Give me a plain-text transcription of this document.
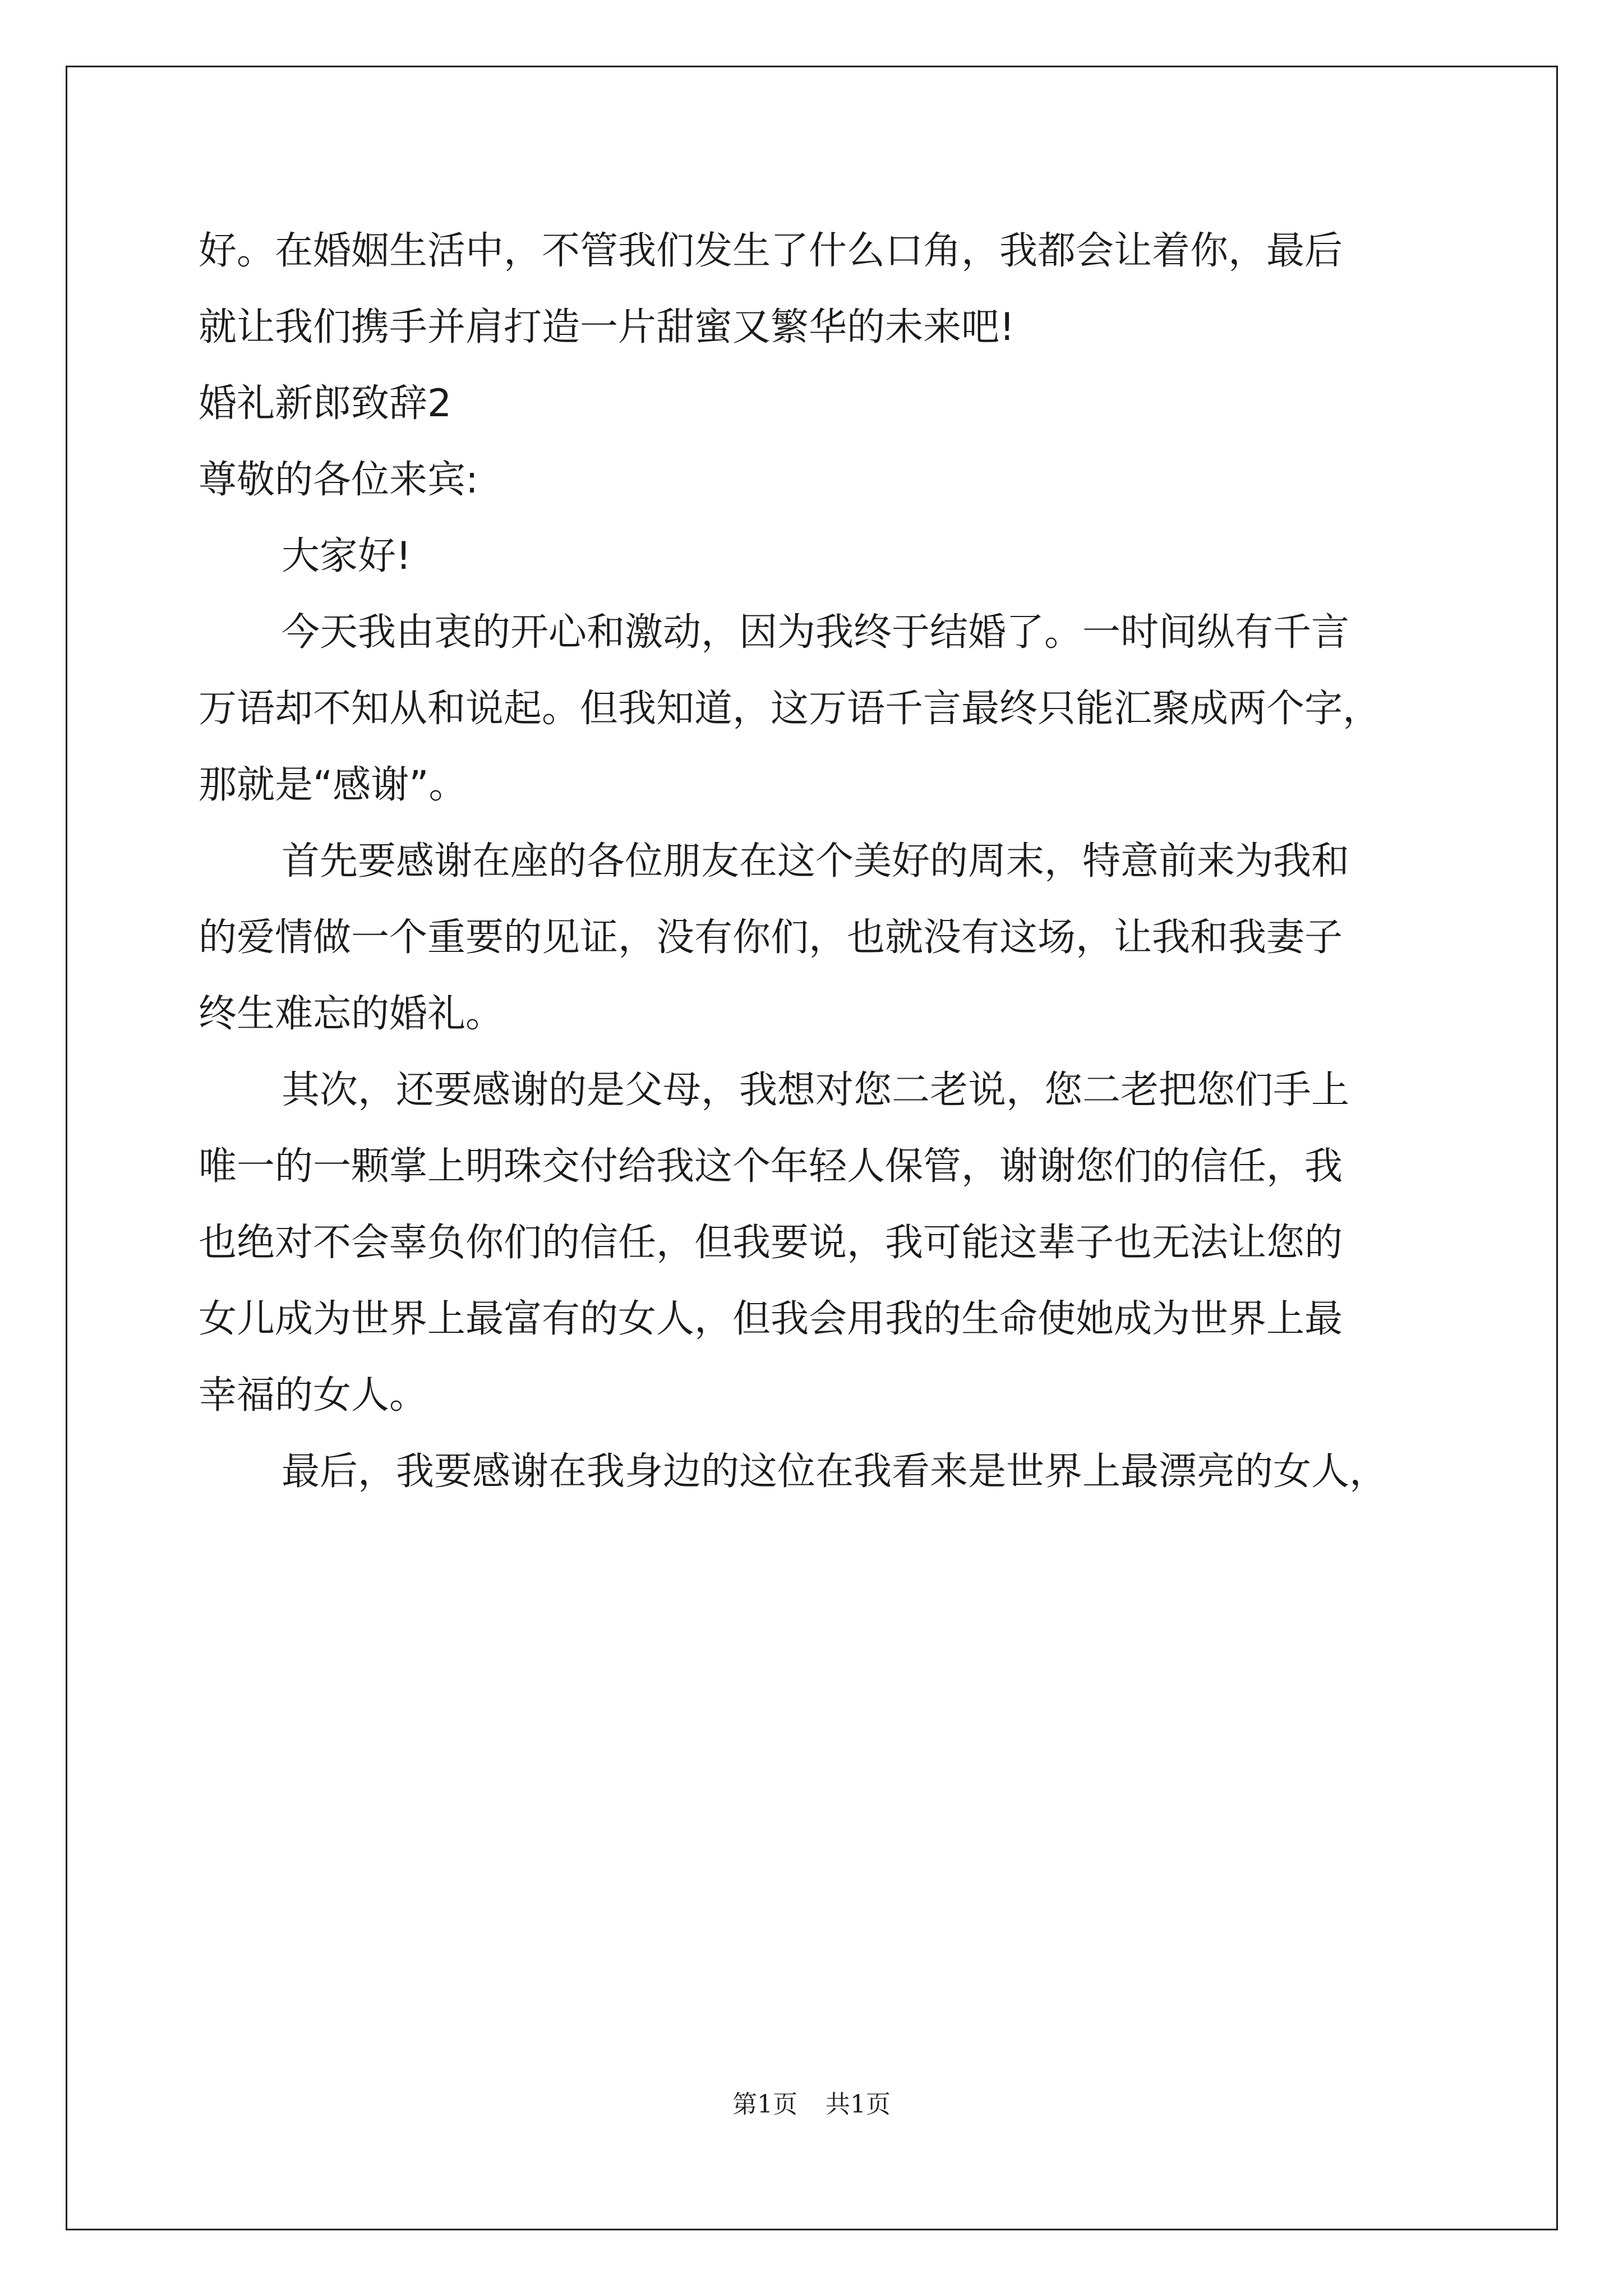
好。在婚姻生活中，不管我们发生了什么口角，我都会让着你，最后

就让我们携手并肩打造一片甜蜜又繁华的未来吧!

婚礼新郎致辞2

尊敬的各位来宾:

大家好!

今天我由衷的开心和激动，因为我终于结婚了。一时间纵有千言

万语却不知从和说起。但我知道，这万语千言最终只能汇聚成两个字，

那就是“感谢”。

首先要感谢在座的各位朋友在这个美好的周末，特意前来为我和

的爱情做一个重要的见证，没有你们，也就没有这场，让我和我妻子

终生难忘的婚礼。

其次，还要感谢的是父母，我想对您二老说，您二老把您们手上

唯一的一颗掌上明珠交付给我这个年轻人保管，谢谢您们的信任，我

也绝对不会辜负你们的信任，但我要说，我可能这辈子也无法让您的

女儿成为世界上最富有的女人，但我会用我的生命使她成为世界上最

幸福的女人。

最后，我要感谢在我身边的这位在我看来是世界上最漂亮的女人，

第1页 共1页
